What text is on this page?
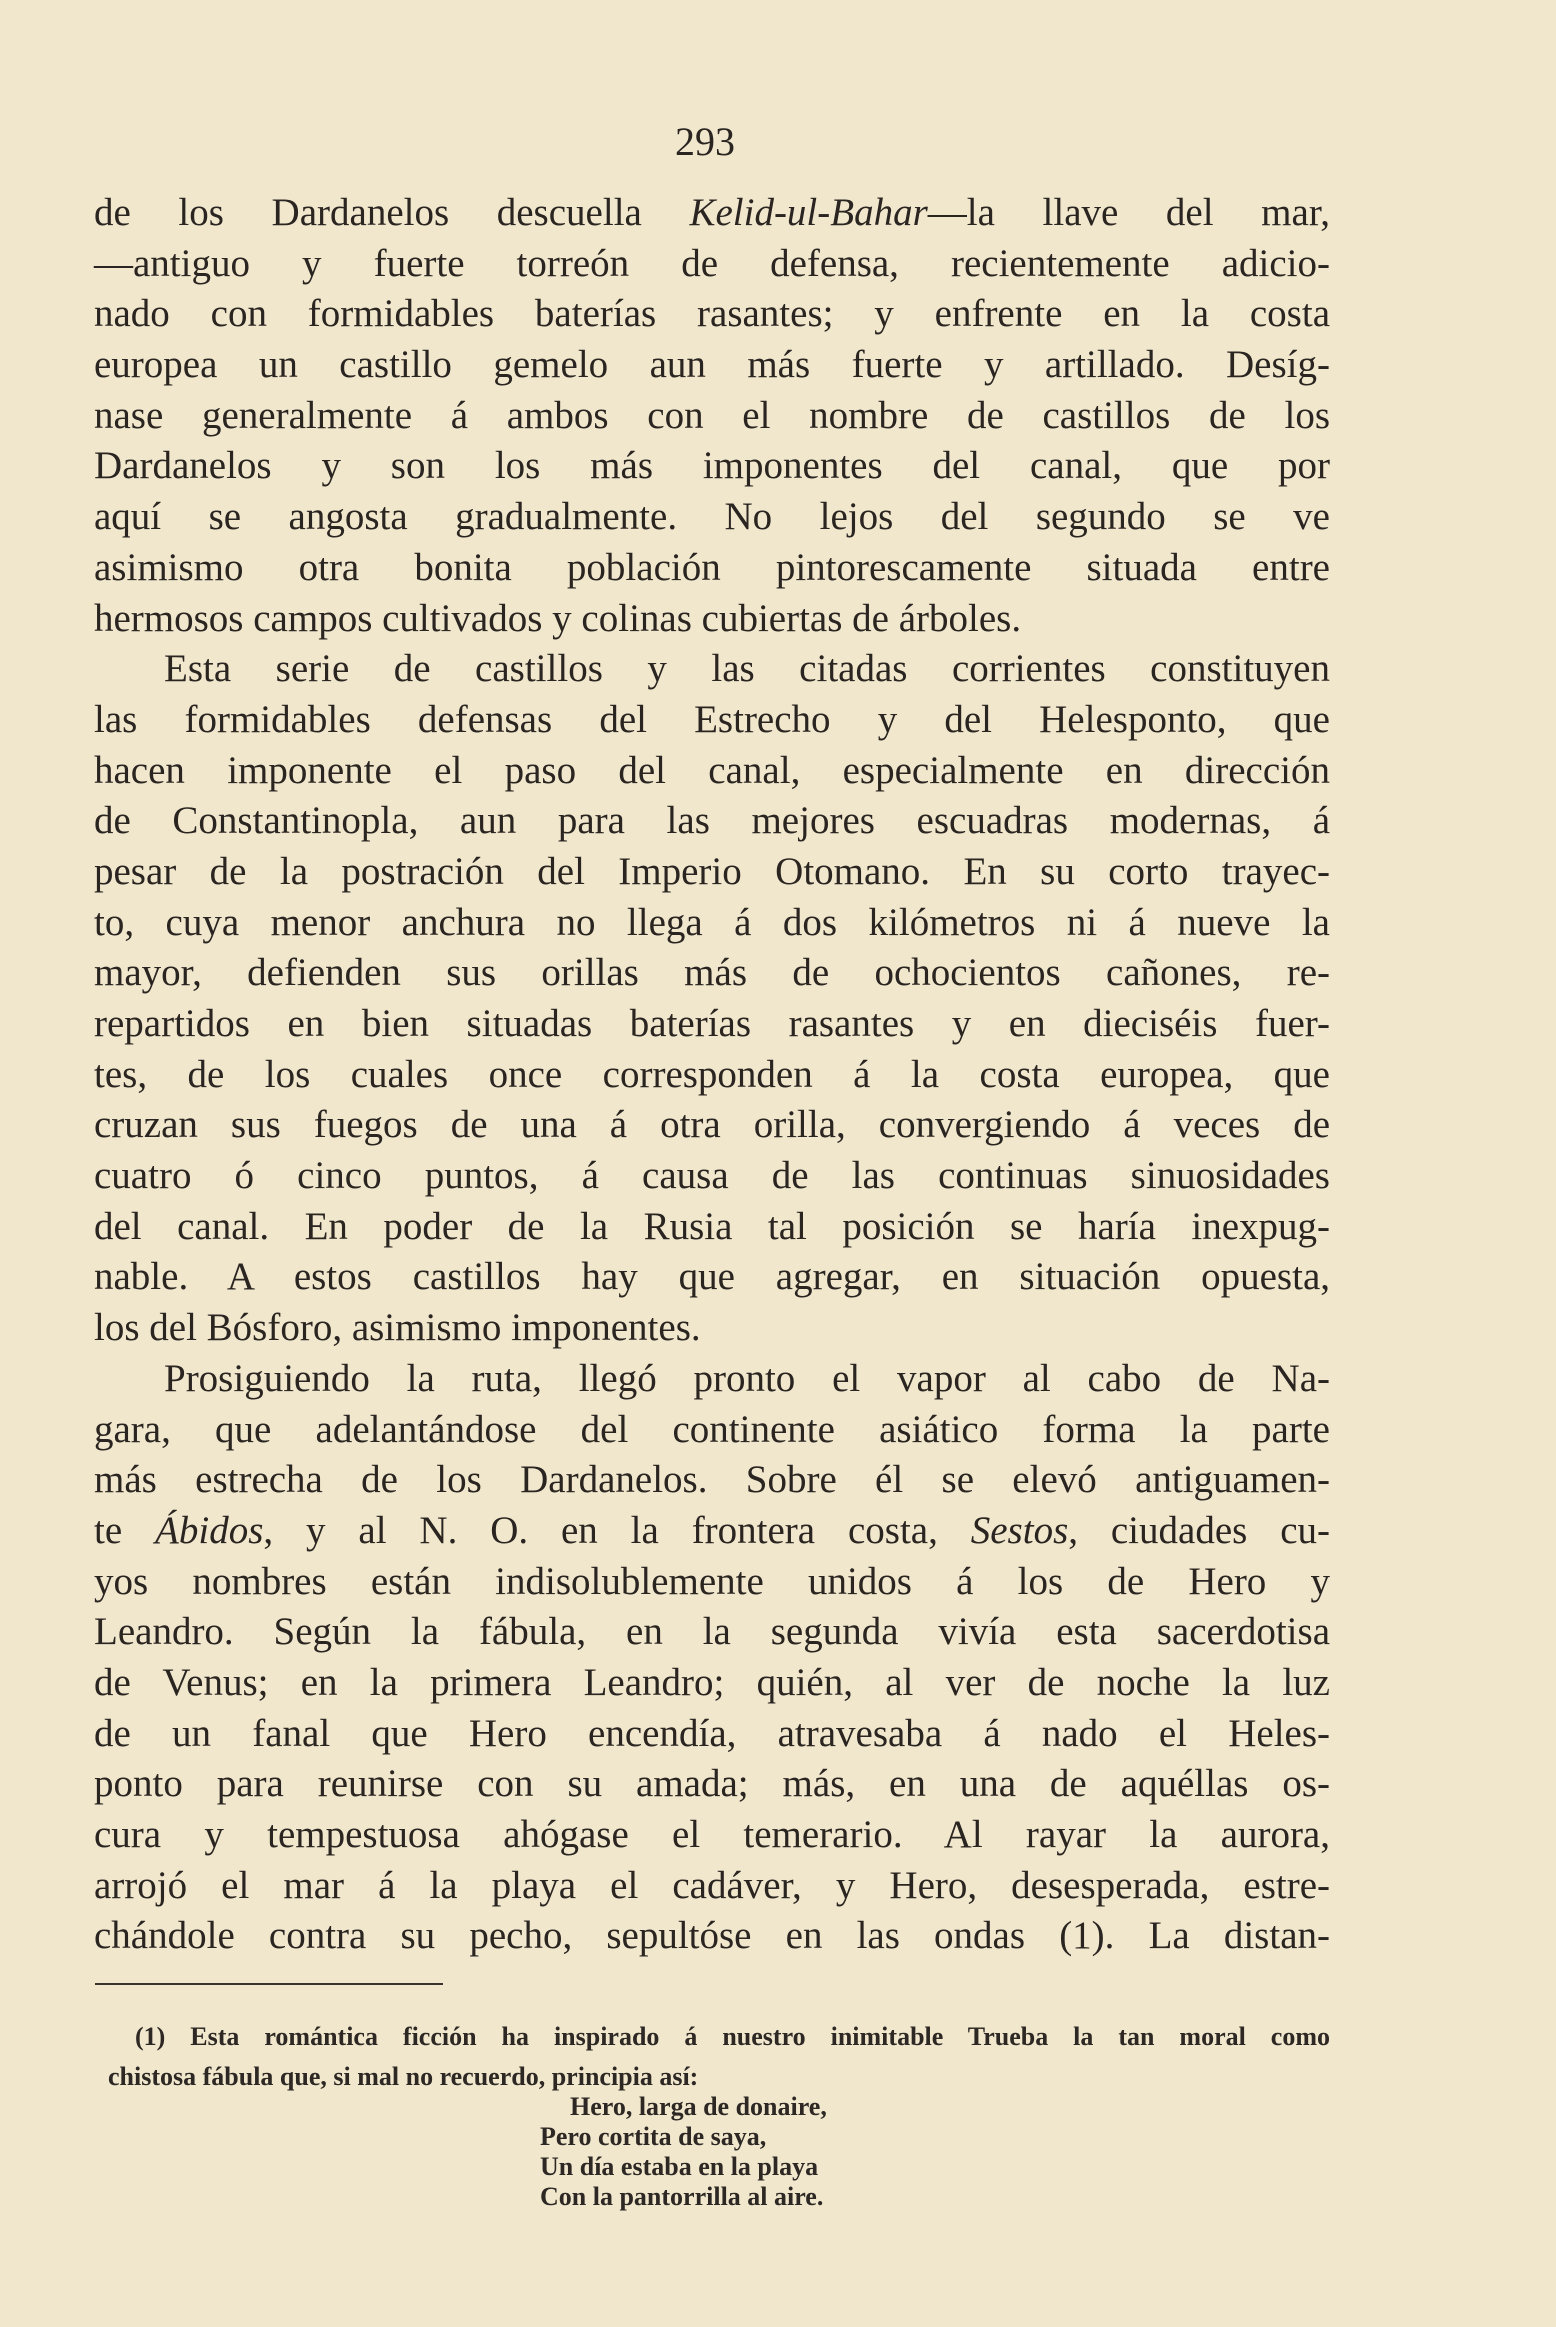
293
de los Dardanelos descuella Kelid-ul-Bahar—la llave del mar,
—antiguo y fuerte torreón de defensa, recientemente adicio-
nado con formidables baterías rasantes; y enfrente en la costa
europea un castillo gemelo aun más fuerte y artillado. Desíg-
nase generalmente á ambos con el nombre de castillos de los
Dardanelos y son los más imponentes del canal, que por
aquí se angosta gradualmente. No lejos del segundo se ve
asimismo otra bonita población pintorescamente situada entre
hermosos campos cultivados y colinas cubiertas de árboles.
Esta serie de castillos y las citadas corrientes constituyen
las formidables defensas del Estrecho y del Helesponto, que
hacen imponente el paso del canal, especialmente en dirección
de Constantinopla, aun para las mejores escuadras modernas, á
pesar de la postración del Imperio Otomano. En su corto trayec-
to, cuya menor anchura no llega á dos kilómetros ni á nueve la
mayor, defienden sus orillas más de ochocientos cañones, re-
repartidos en bien situadas baterías rasantes y en dieciséis fuer-
tes, de los cuales once corresponden á la costa europea, que
cruzan sus fuegos de una á otra orilla, convergiendo á veces de
cuatro ó cinco puntos, á causa de las continuas sinuosidades
del canal. En poder de la Rusia tal posición se haría inexpug-
nable. A estos castillos hay que agregar, en situación opuesta,
los del Bósforo, asimismo imponentes.
Prosiguiendo la ruta, llegó pronto el vapor al cabo de Na-
gara, que adelantándose del continente asiático forma la parte
más estrecha de los Dardanelos. Sobre él se elevó antiguamen-
te Ábidos, y al N. O. en la frontera costa, Sestos, ciudades cu-
yos nombres están indisolublemente unidos á los de Hero y
Leandro. Según la fábula, en la segunda vivía esta sacerdotisa
de Venus; en la primera Leandro; quién, al ver de noche la luz
de un fanal que Hero encendía, atravesaba á nado el Heles-
ponto para reunirse con su amada; más, en una de aquéllas os-
cura y tempestuosa ahógase el temerario. Al rayar la aurora,
arrojó el mar á la playa el cadáver, y Hero, desesperada, estre-
chándole contra su pecho, sepultóse en las ondas (1). La distan-
(1) Esta romántica ficción ha inspirado á nuestro inimitable Trueba la tan moral como
chistosa fábula que, si mal no recuerdo, principia así:
Hero, larga de donaire,
Pero cortita de saya,
Un día estaba en la playa
Con la pantorrilla al aire.
